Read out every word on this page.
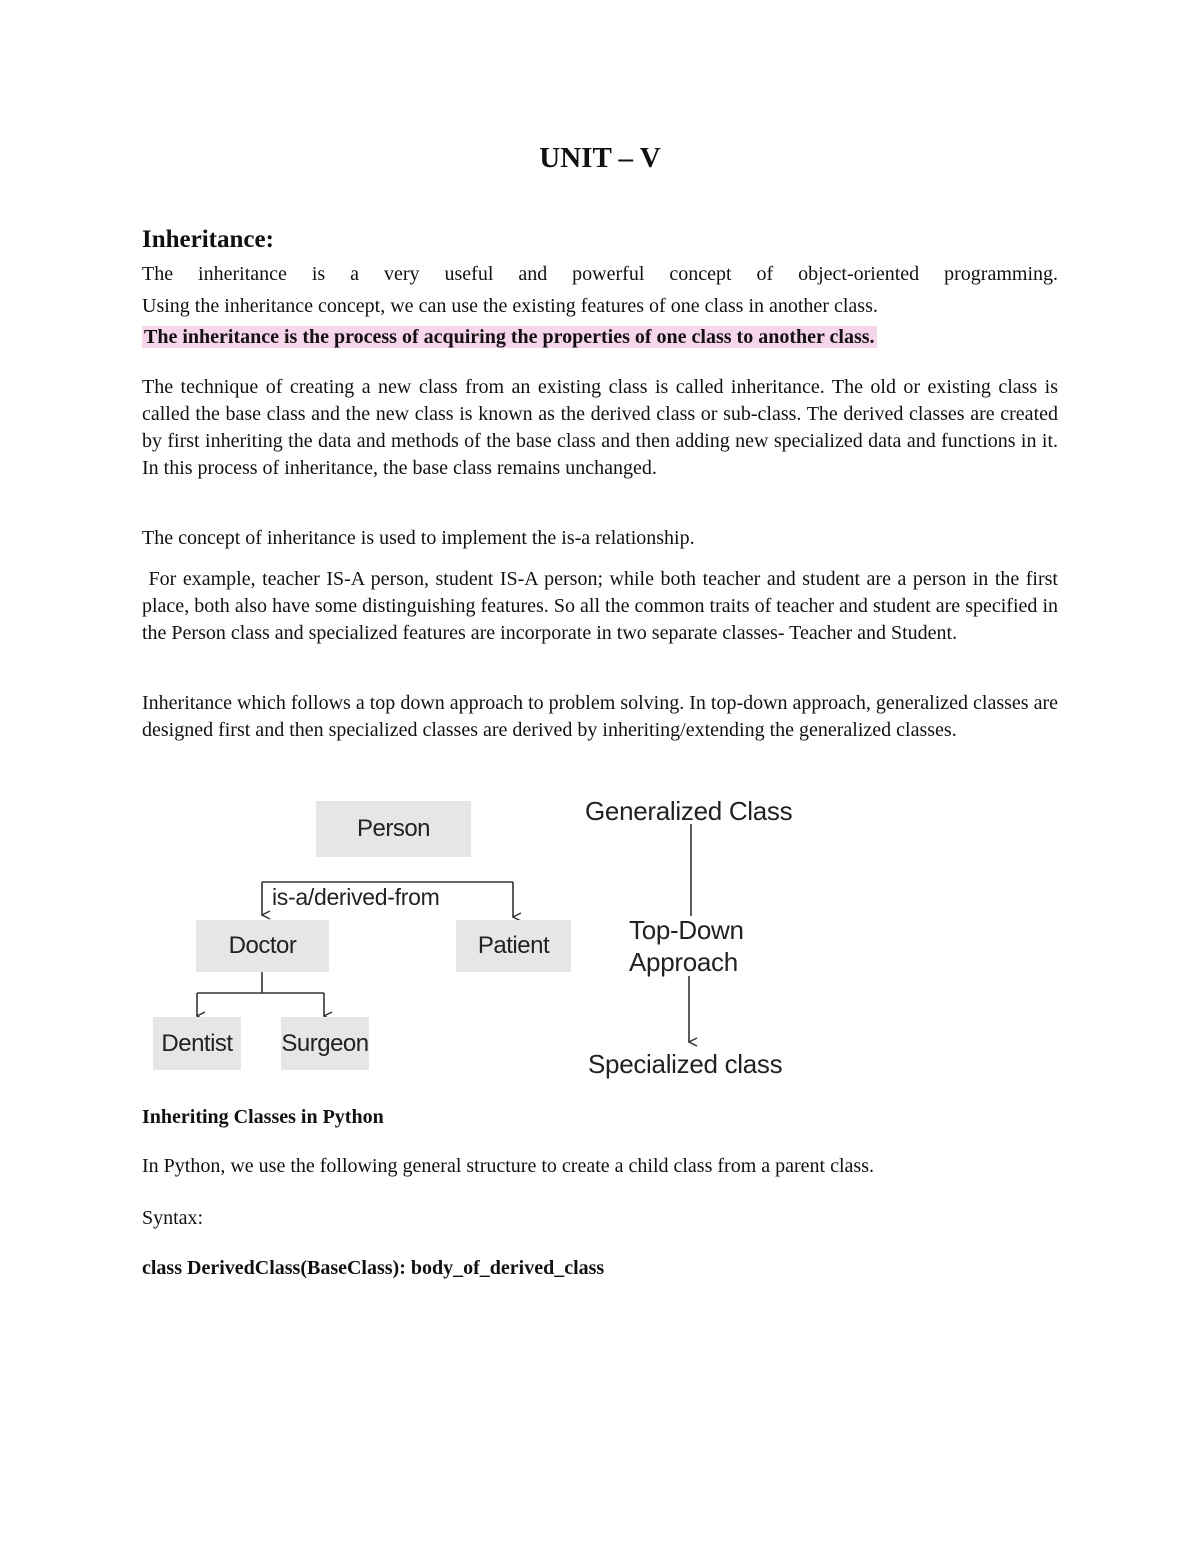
UNIT – V
Inheritance:

The inheritance is a very useful and powerful concept of object-oriented programming.

Using the inheritance concept, we can use the existing features of one class in another class.

The inheritance is the process of acquiring the properties of one class to another class.

The technique of creating a new class from an existing class is called inheritance. The old or existing class is called the base class and the new class is known as the derived class or sub-class. The derived classes are created by first inheriting the data and methods of the base class and then adding new specialized data and functions in it. In this process of inheritance, the base class remains unchanged.

The concept of inheritance is used to implement the is-a relationship.

For example, teacher IS-A person, student IS-A person; while both teacher and student are a person in the first place, both also have some distinguishing features. So all the common traits of teacher and student are specified in the Person class and specialized features are incorporate in two separate classes- Teacher and Student.

Inheritance which follows a top down approach to problem solving. In top-down approach, generalized classes are designed first and then specialized classes are derived by inheriting/extending the generalized classes.

Person
is-a/derived-from
Doctor	Patient
Dentist	Surgeon
Generalized Class
Top-Down
Approach
Specialized class

Inheriting Classes in Python

In Python, we use the following general structure to create a child class from a parent class.

Syntax:

class DerivedClass(BaseClass): body_of_derived_class
